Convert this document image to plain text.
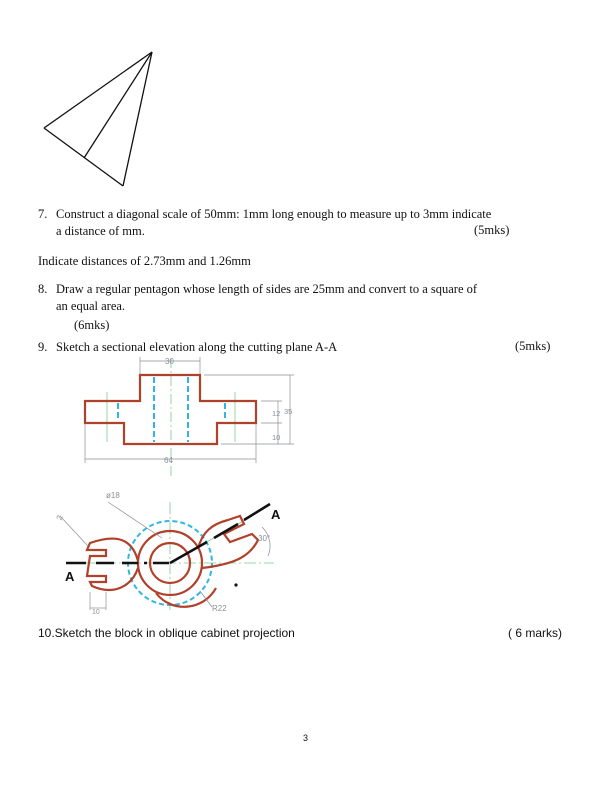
7. Construct a diagonal scale of 50mm: 1mm long enough to measure up to 3mm indicate
a distance of mm.	(5mks)
Indicate distances of 2.73mm and 1.26mm
8. Draw a regular pentagon whose length of sides are 25mm and convert to a square of
an equal area.
(6mks)
9. Sketch a sectional elevation along the cutting plane A-A	(5mks)
30
64
12
10
35
ø18
2
10	R22
30°
A
A
10.Sketch the block in oblique cabinet projection	( 6 marks)
3
